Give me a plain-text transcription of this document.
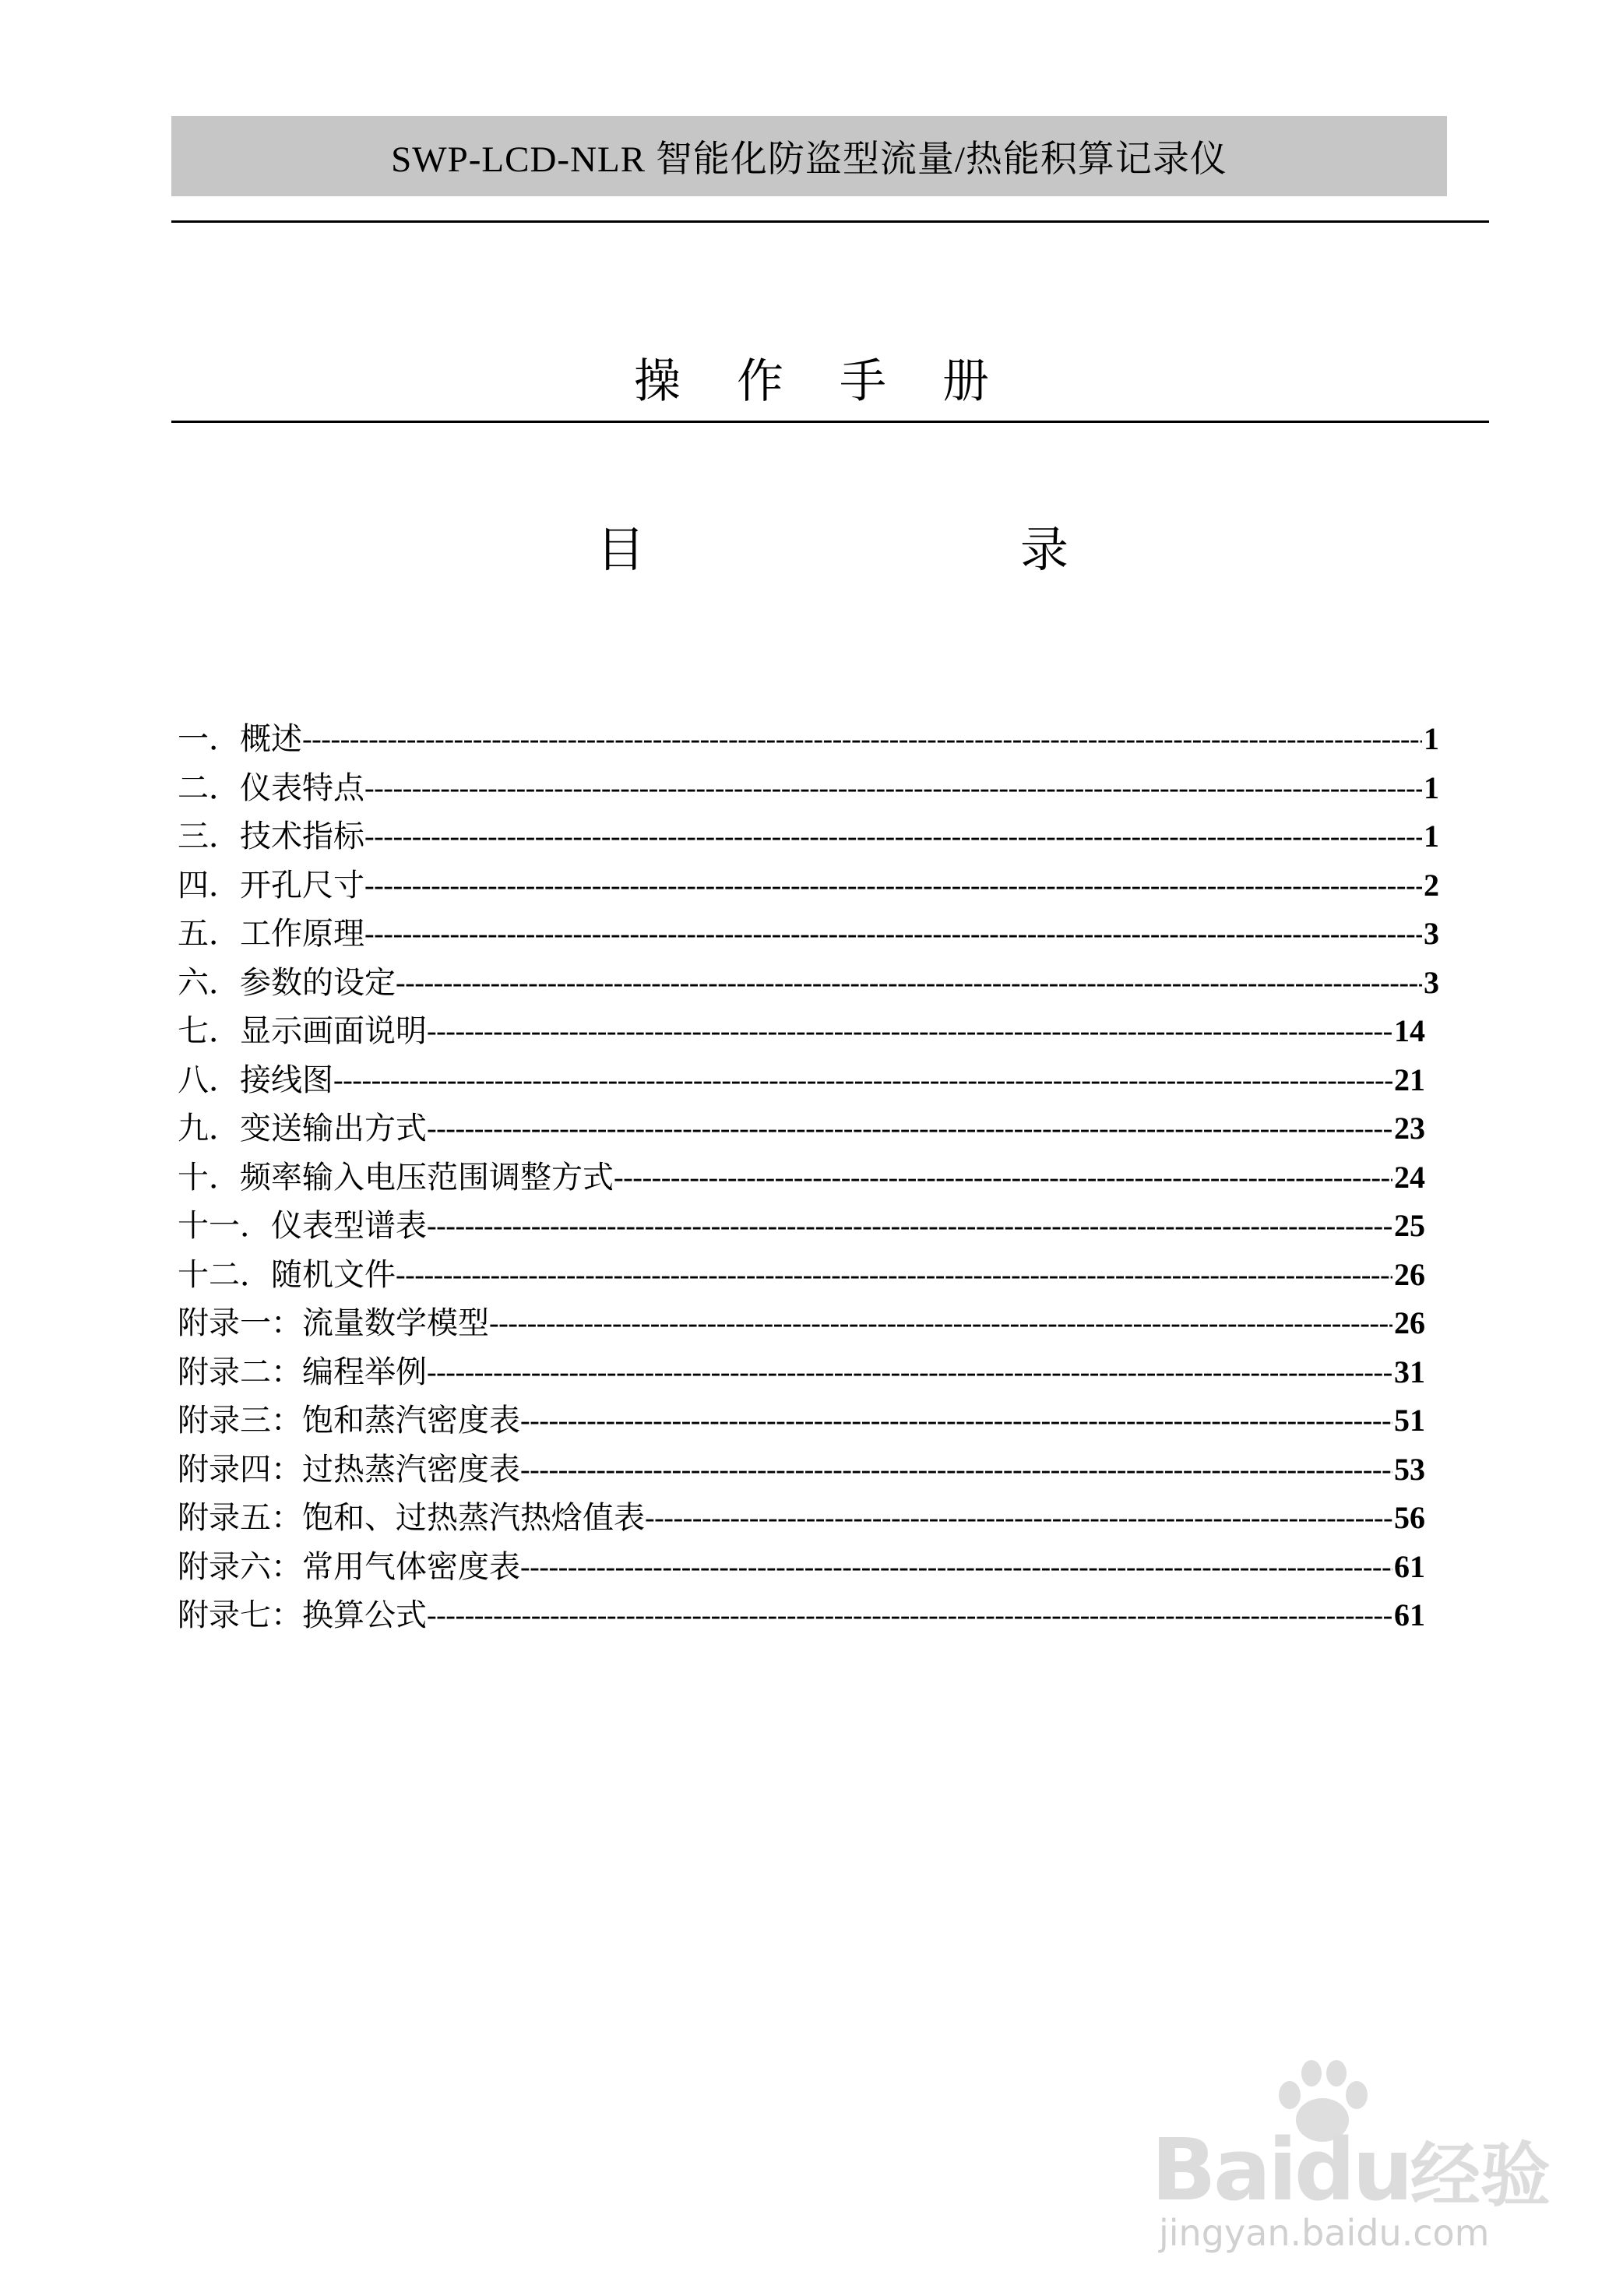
SWP-LCD-NLR 智能化防盗型流量/热能积算记录仪
操 作 手 册
目	录
一．概述 -----	1
二．仪表特点 -----	1
三．技术指标 -----	1
四．开孔尺寸 -----	2
五．工作原理 -----	3
六．参数的设定 -----	3
七．显示画面说明 -----	14
八．接线图 -----	21
九．变送输出方式 -----	23
十．频率输入电压范围调整方式 -----	24
十一．仪表型谱表 -----	25
十二．随机文件 -----	26
附录一：流量数学模型 -----	26
附录二：编程举例 -----	31
附录三：饱和蒸汽密度表 -----	51
附录四：过热蒸汽密度表 -----	53
附录五：饱和、过热蒸汽热焓值表 -----	56
附录六：常用气体密度表 -----	61
附录七：换算公式 -----	61
Baidu经验
jingyan.baidu.com
